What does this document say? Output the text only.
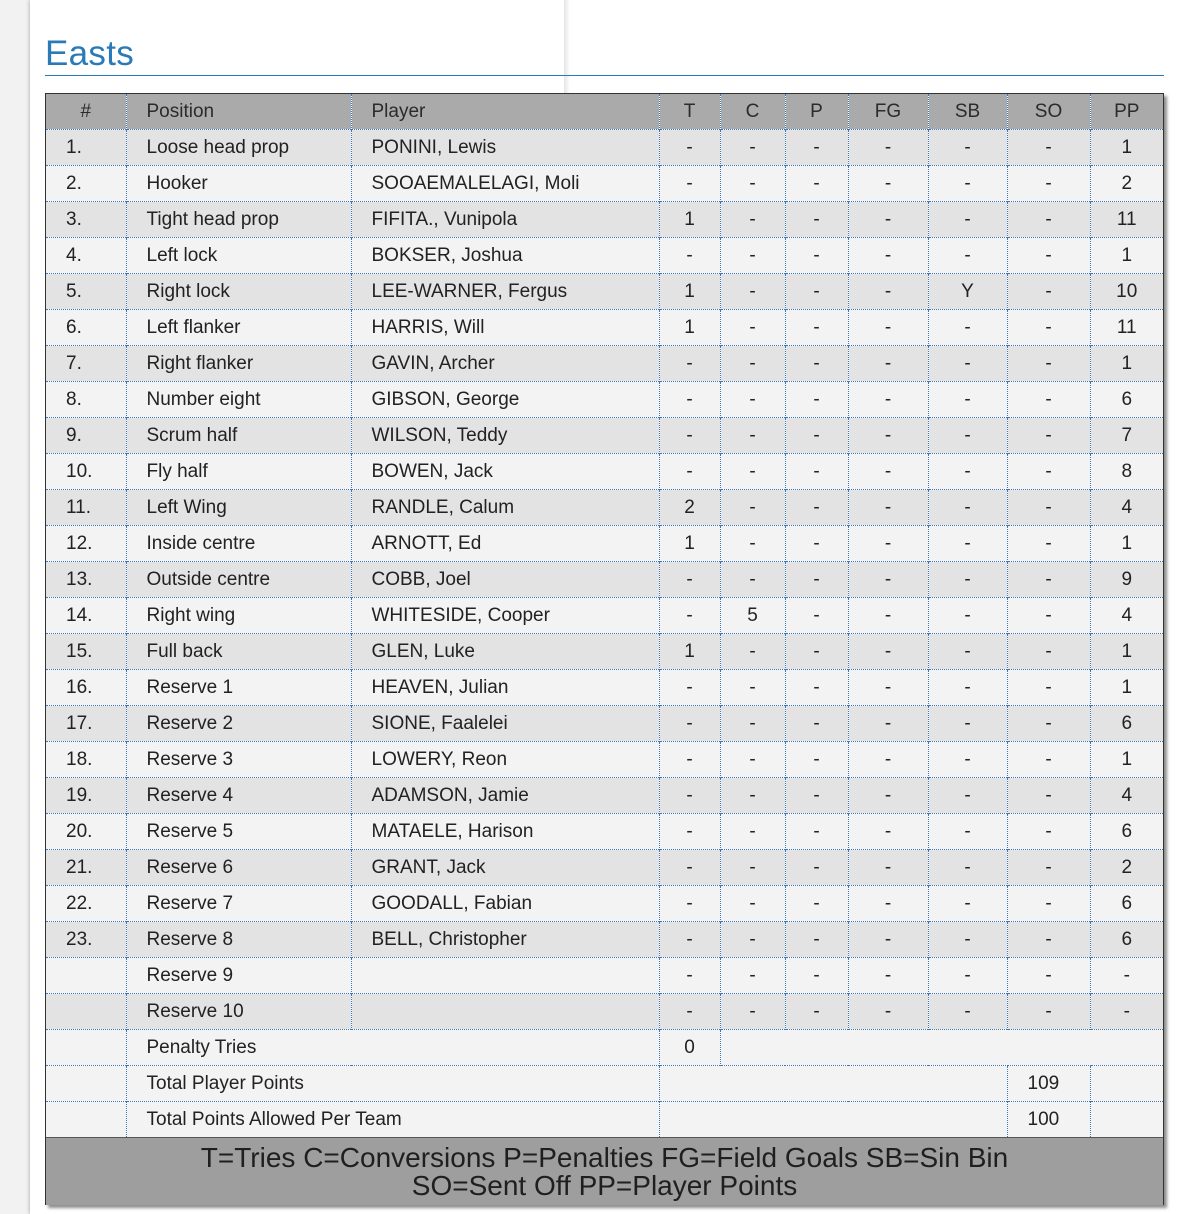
Easts
#	Position	Player	T	C	P	FG	SB	SO	PP
1.	Loose head prop	PONINI, Lewis	-	-	-	-	-	-	1
2.	Hooker	SOOAEMALELAGI, Moli	-	-	-	-	-	-	2
3.	Tight head prop	FIFITA., Vunipola	1	-	-	-	-	-	11
4.	Left lock	BOKSER, Joshua	-	-	-	-	-	-	1
5.	Right lock	LEE-WARNER, Fergus	1	-	-	-	Y	-	10
6.	Left flanker	HARRIS, Will	1	-	-	-	-	-	11
7.	Right flanker	GAVIN, Archer	-	-	-	-	-	-	1
8.	Number eight	GIBSON, George	-	-	-	-	-	-	6
9.	Scrum half	WILSON, Teddy	-	-	-	-	-	-	7
10.	Fly half	BOWEN, Jack	-	-	-	-	-	-	8
11.	Left Wing	RANDLE, Calum	2	-	-	-	-	-	4
12.	Inside centre	ARNOTT, Ed	1	-	-	-	-	-	1
13.	Outside centre	COBB, Joel	-	-	-	-	-	-	9
14.	Right wing	WHITESIDE, Cooper	-	5	-	-	-	-	4
15.	Full back	GLEN, Luke	1	-	-	-	-	-	1
16.	Reserve 1	HEAVEN, Julian	-	-	-	-	-	-	1
17.	Reserve 2	SIONE, Faalelei	-	-	-	-	-	-	6
18.	Reserve 3	LOWERY, Reon	-	-	-	-	-	-	1
19.	Reserve 4	ADAMSON, Jamie	-	-	-	-	-	-	4
20.	Reserve 5	MATAELE, Harison	-	-	-	-	-	-	6
21.	Reserve 6	GRANT, Jack	-	-	-	-	-	-	2
22.	Reserve 7	GOODALL, Fabian	-	-	-	-	-	-	6
23.	Reserve 8	BELL, Christopher	-	-	-	-	-	-	6
	Reserve 9		-	-	-	-	-	-	-
	Reserve 10		-	-	-	-	-	-	-
	Penalty Tries		0						
	Total Player Points							109	
	Total Points Allowed Per Team							100	
T=Tries C=Conversions P=Penalties FG=Field Goals SB=Sin Bin
SO=Sent Off PP=Player Points
